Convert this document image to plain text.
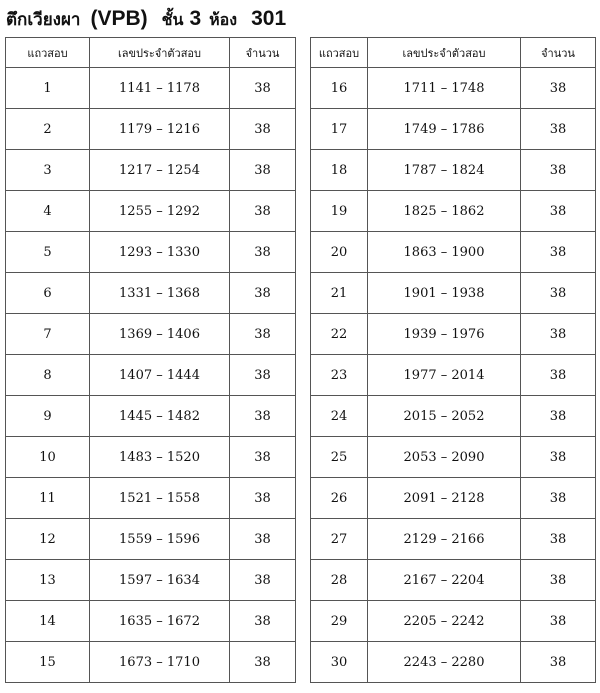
ตึกเวียงผา (VPB) ชั้น 3 ห้อง 301
แถวสอบ	เลขประจำตัวสอบ	จำนวน
1	1141 – 1178	38
2	1179 – 1216	38
3	1217 – 1254	38
4	1255 – 1292	38
5	1293 – 1330	38
6	1331 – 1368	38
7	1369 – 1406	38
8	1407 – 1444	38
9	1445 – 1482	38
10	1483 – 1520	38
11	1521 – 1558	38
12	1559 – 1596	38
13	1597 – 1634	38
14	1635 – 1672	38
15	1673 – 1710	38
แถวสอบ	เลขประจำตัวสอบ	จำนวน
16	1711 – 1748	38
17	1749 – 1786	38
18	1787 – 1824	38
19	1825 – 1862	38
20	1863 – 1900	38
21	1901 – 1938	38
22	1939 – 1976	38
23	1977 – 2014	38
24	2015 – 2052	38
25	2053 – 2090	38
26	2091 – 2128	38
27	2129 – 2166	38
28	2167 – 2204	38
29	2205 – 2242	38
30	2243 – 2280	38
